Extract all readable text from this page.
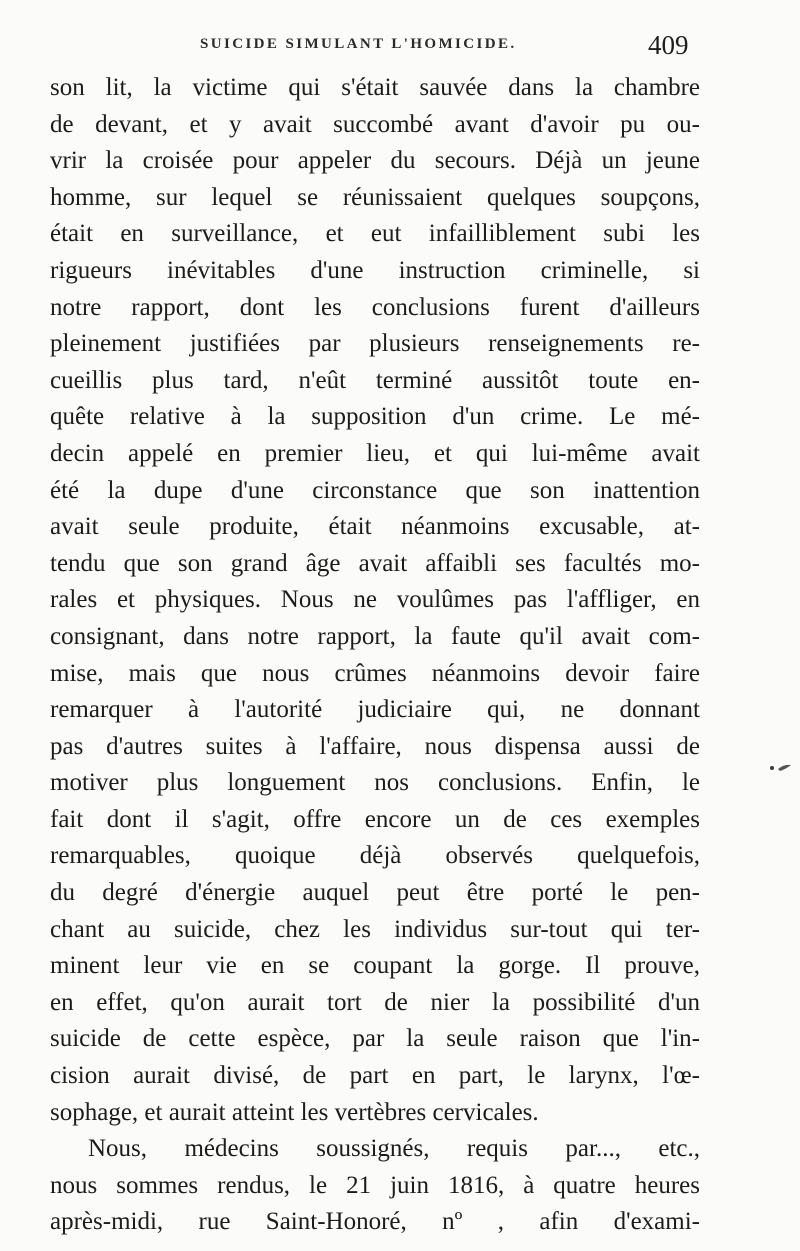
SUICIDE SIMULANT L'HOMICIDE.	409
son lit, la victime qui s'était sauvée dans la chambre
de devant, et y avait succombé avant d'avoir pu ou-
vrir la croisée pour appeler du secours. Déjà un jeune
homme, sur lequel se réunissaient quelques soupçons,
était en surveillance, et eut infailliblement subi les
rigueurs inévitables d'une instruction criminelle, si
notre rapport, dont les conclusions furent d'ailleurs
pleinement justifiées par plusieurs renseignements re-
cueillis plus tard, n'eût terminé aussitôt toute en-
quête relative à la supposition d'un crime. Le mé-
decin appelé en premier lieu, et qui lui-même avait
été la dupe d'une circonstance que son inattention
avait seule produite, était néanmoins excusable, at-
tendu que son grand âge avait affaibli ses facultés mo-
rales et physiques. Nous ne voulûmes pas l'affliger, en
consignant, dans notre rapport, la faute qu'il avait com-
mise, mais que nous crûmes néanmoins devoir faire
remarquer à l'autorité judiciaire qui, ne donnant
pas d'autres suites à l'affaire, nous dispensa aussi de
motiver plus longuement nos conclusions. Enfin, le
fait dont il s'agit, offre encore un de ces exemples
remarquables, quoique déjà observés quelquefois,
du degré d'énergie auquel peut être porté le pen-
chant au suicide, chez les individus sur-tout qui ter-
minent leur vie en se coupant la gorge. Il prouve,
en effet, qu'on aurait tort de nier la possibilité d'un
suicide de cette espèce, par la seule raison que l'in-
cision aurait divisé, de part en part, le larynx, l'œ-
sophage, et aurait atteint les vertèbres cervicales.
Nous, médecins soussignés, requis par..., etc.,
nous sommes rendus, le 21 juin 1816, à quatre heures
après-midi, rue Saint-Honoré, nº , afin d'exami-
